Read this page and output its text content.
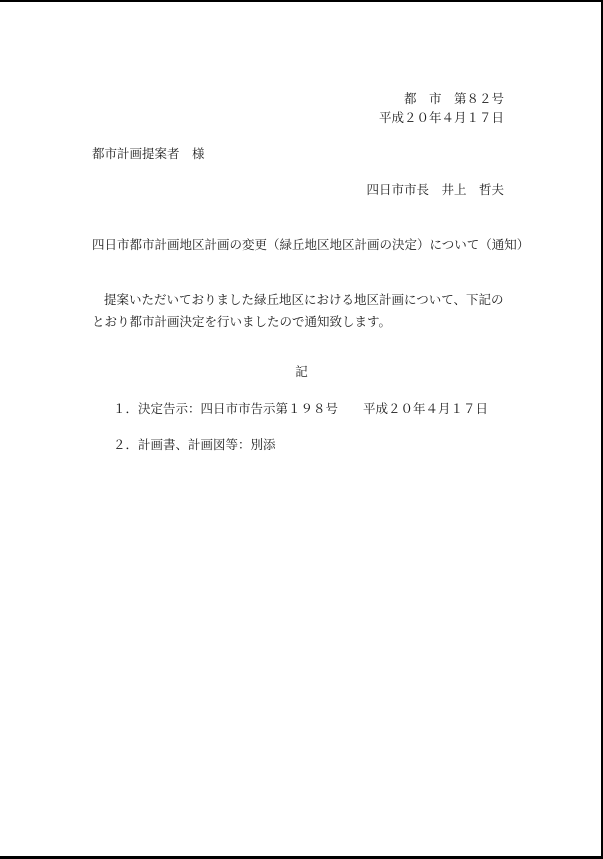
都　市　第８２号
平成２０年４月１７日
都市計画提案者　様
四日市市長　井上　哲夫
四日市都市計画地区計画の変更（緑丘地区地区計画の決定）について（通知）
提案いただいておりました緑丘地区における地区計画について、下記のとおり都市計画決定を行いましたので通知致します。
記
１．決定告示：四日市市告示第１９８号　　平成２０年４月１７日
２．計画書、計画図等：別添
